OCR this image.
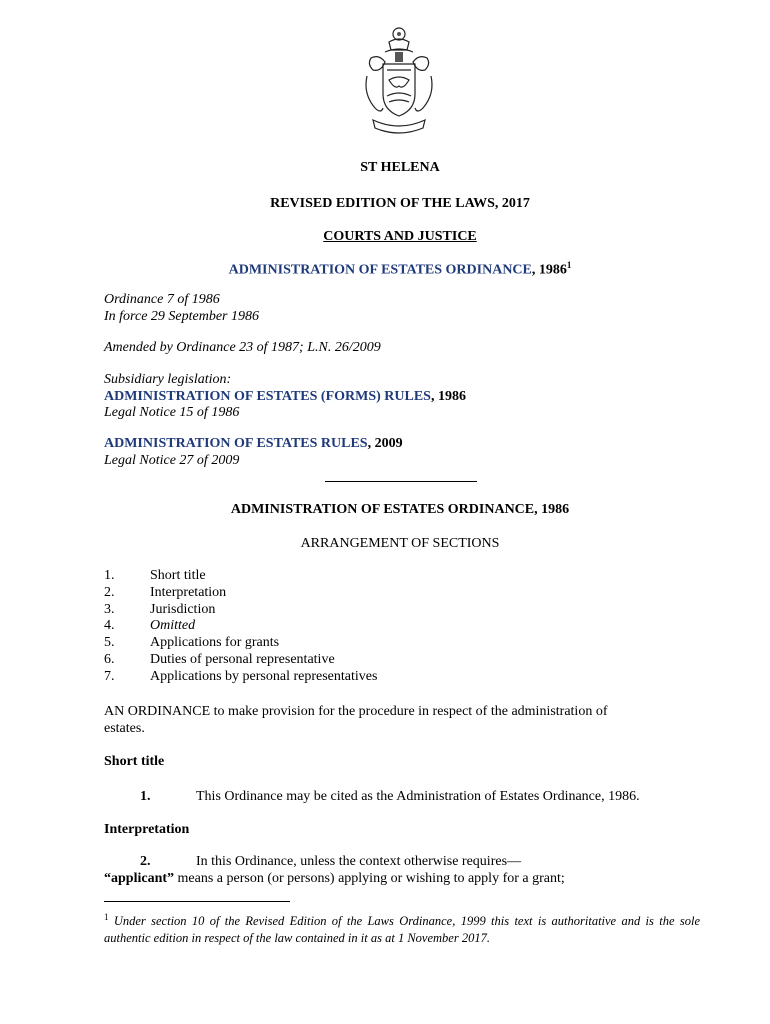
ST HELENA
REVISED EDITION OF THE LAWS, 2017
COURTS AND JUSTICE
ADMINISTRATION OF ESTATES ORDINANCE, 1986$^1$
Ordinance 7 of 1986
In force 29 September 1986
Amended by Ordinance 23 of 1987; L.N. 26/2009
Subsidiary legislation:
ADMINISTRATION OF ESTATES (FORMS) RULES, 1986
Legal Notice 15 of 1986
ADMINISTRATION OF ESTATES RULES, 2009
Legal Notice 27 of 2009
ADMINISTRATION OF ESTATES ORDINANCE, 1986
ARRANGEMENT OF SECTIONS
1.	Short title
2.	Interpretation
3.	Jurisdiction
4.	Omitted
5.	Applications for grants
6.	Duties of personal representative
7.	Applications by personal representatives
AN ORDINANCE to make provision for the procedure in respect of the administration of
estates.
Short title
1.	This Ordinance may be cited as the Administration of Estates Ordinance, 1986.
Interpretation
2.	In this Ordinance, unless the context otherwise requires—
“applicant” means a person (or persons) applying or wishing to apply for a grant;
$^1$ Under section 10 of the Revised Edition of the Laws Ordinance, 1999 this text is authoritative and is the sole authentic edition in respect of the law contained in it as at 1 November 2017.
